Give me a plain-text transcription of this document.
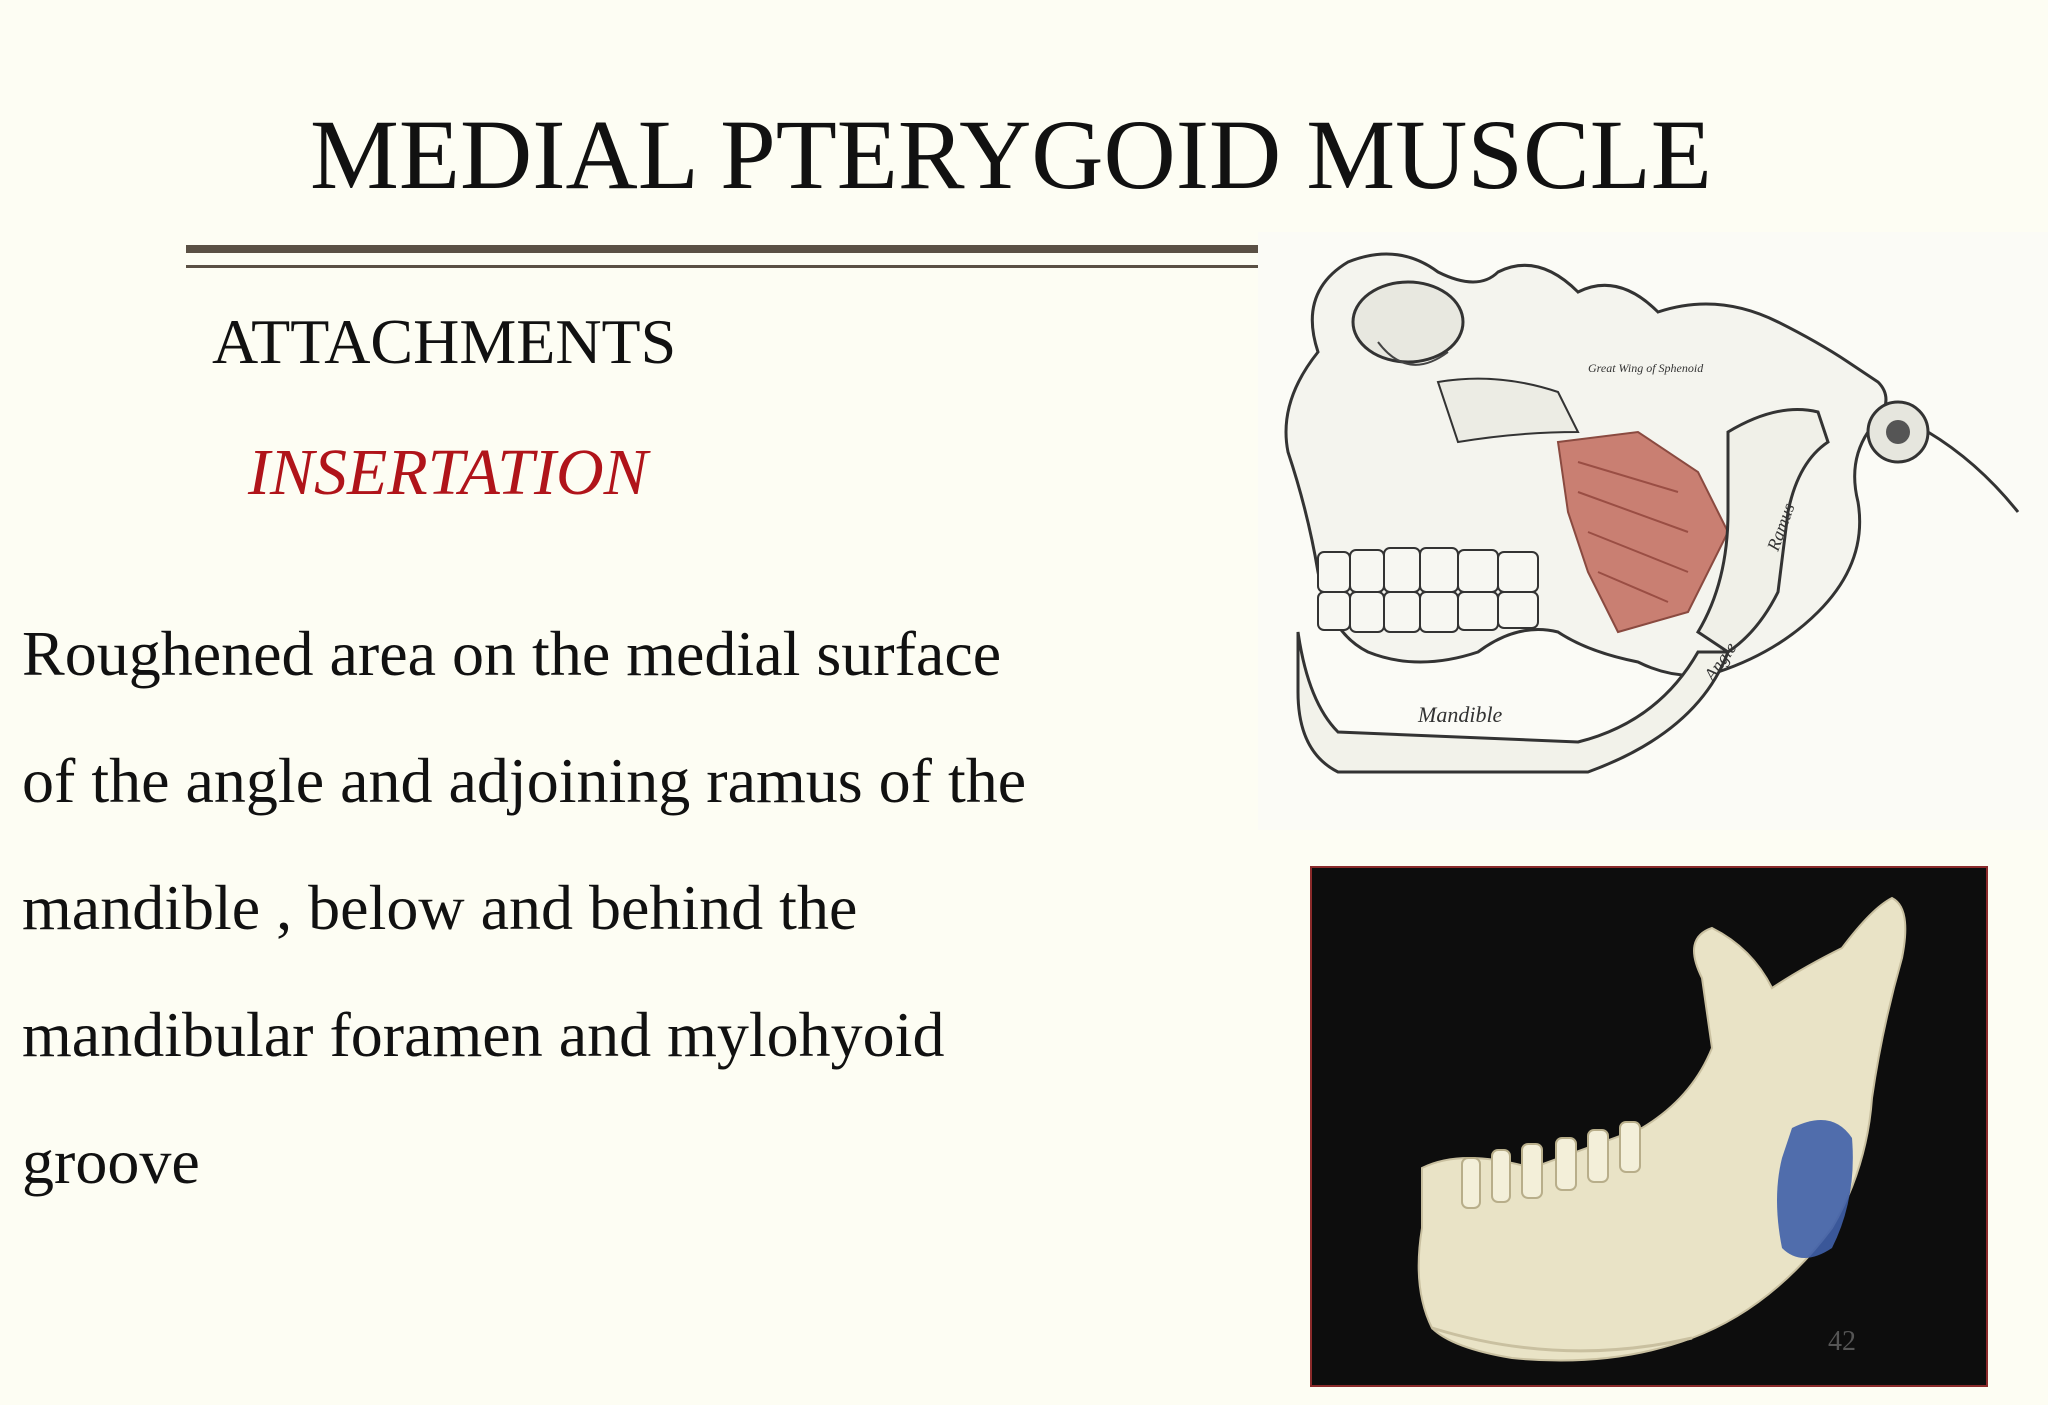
MEDIAL PTERYGOID MUSCLE
ATTACHMENTS
INSERTATION
Roughened area on the medial surface
of the angle and adjoining ramus of the
mandible , below and behind the
mandibular foramen and mylohyoid
groove
Mandible
Ramus
Angle
Great Wing of Sphenoid
42
